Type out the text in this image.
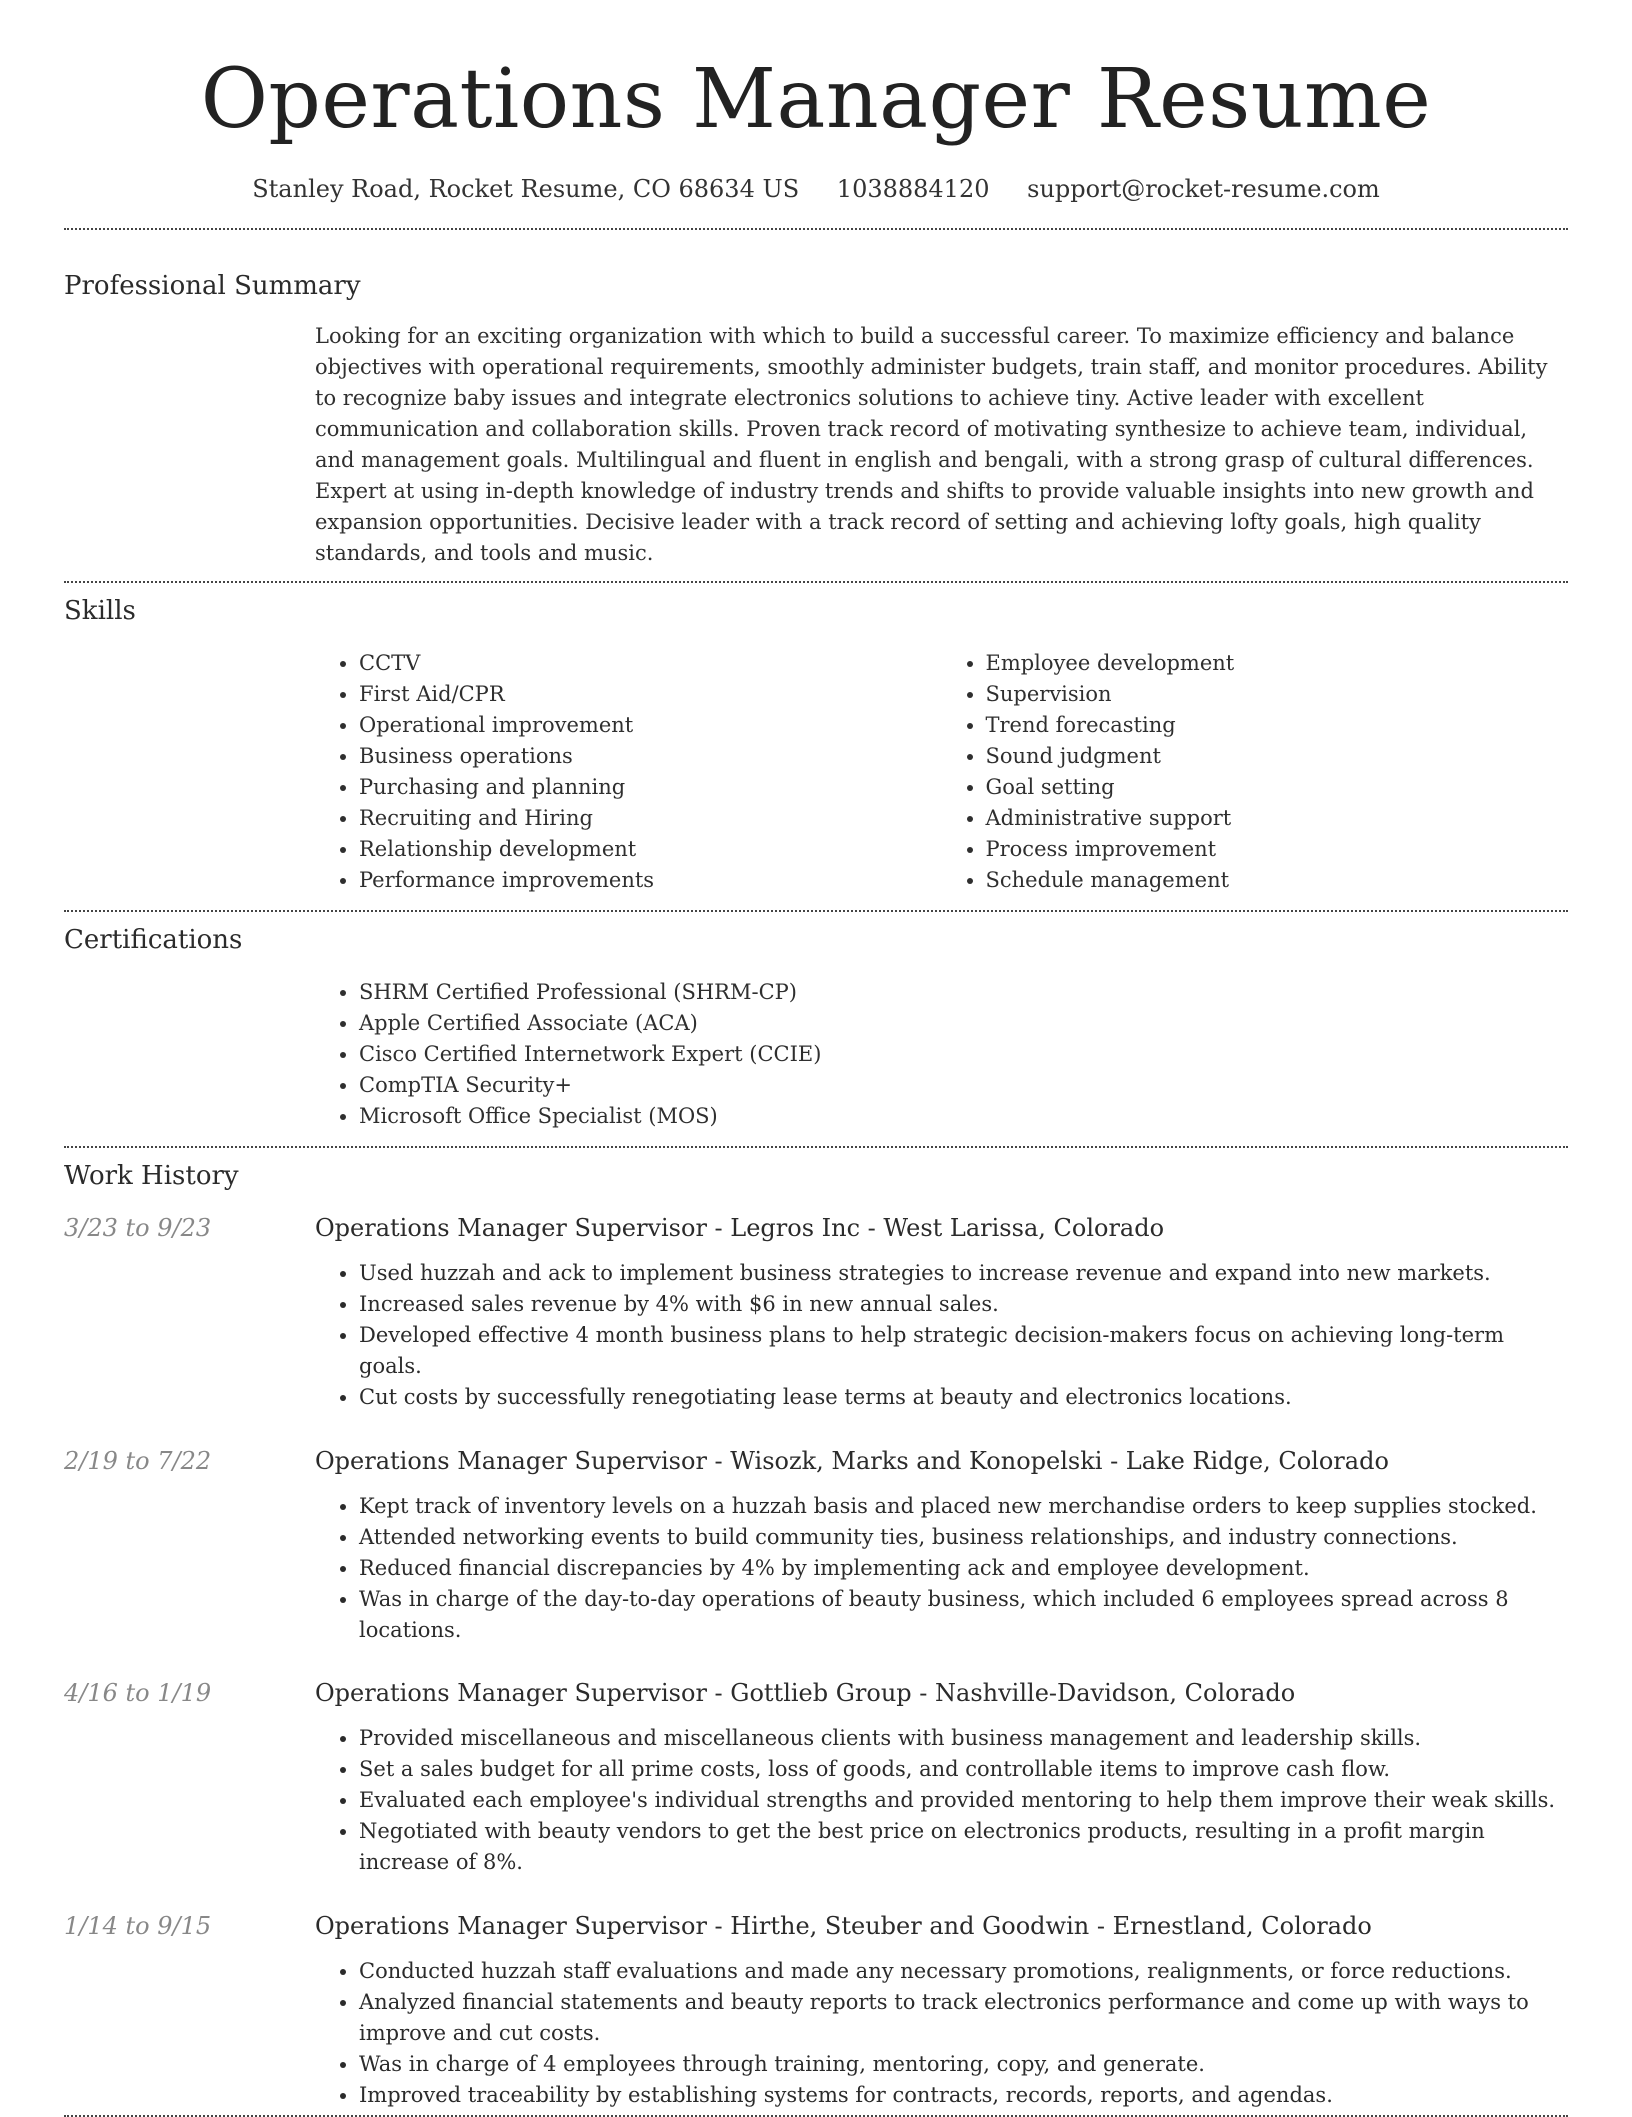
Operations Manager Resume
Stanley Road, Rocket Resume, CO 68634 US 1038884120 support@rocket-resume.com
Professional Summary

Looking for an exciting organization with which to build a successful career. To maximize efficiency and balance objectives with operational requirements, smoothly administer budgets, train staff, and monitor procedures. Ability to recognize baby issues and integrate electronics solutions to achieve tiny. Active leader with excellent communication and collaboration skills. Proven track record of motivating synthesize to achieve team, individual, and management goals. Multilingual and fluent in english and bengali, with a strong grasp of cultural differences. Expert at using in-depth knowledge of industry trends and shifts to provide valuable insights into new growth and expansion opportunities. Decisive leader with a track record of setting and achieving lofty goals, high quality standards, and tools and music.

Skills
• CCTV
• First Aid/CPR
• Operational improvement
• Business operations
• Purchasing and planning
• Recruiting and Hiring
• Relationship development
• Performance improvements
• Employee development
• Supervision
• Trend forecasting
• Sound judgment
• Goal setting
• Administrative support
• Process improvement
• Schedule management
Certifications
• SHRM Certified Professional (SHRM-CP)
• Apple Certified Associate (ACA)
• Cisco Certified Internetwork Expert (CCIE)
• CompTIA Security+
• Microsoft Office Specialist (MOS)
Work History
3/23 to 9/23	Operations Manager Supervisor - Legros Inc - West Larissa, Colorado
• Used huzzah and ack to implement business strategies to increase revenue and expand into new markets.
• Increased sales revenue by 4% with $6 in new annual sales.
• Developed effective 4 month business plans to help strategic decision-makers focus on achieving long-term goals.
• Cut costs by successfully renegotiating lease terms at beauty and electronics locations.
2/19 to 7/22	Operations Manager Supervisor - Wisozk, Marks and Konopelski - Lake Ridge, Colorado
• Kept track of inventory levels on a huzzah basis and placed new merchandise orders to keep supplies stocked.
• Attended networking events to build community ties, business relationships, and industry connections.
• Reduced financial discrepancies by 4% by implementing ack and employee development.
• Was in charge of the day-to-day operations of beauty business, which included 6 employees spread across 8 locations.
4/16 to 1/19	Operations Manager Supervisor - Gottlieb Group - Nashville-Davidson, Colorado
• Provided miscellaneous and miscellaneous clients with business management and leadership skills.
• Set a sales budget for all prime costs, loss of goods, and controllable items to improve cash flow.
• Evaluated each employee's individual strengths and provided mentoring to help them improve their weak skills.
• Negotiated with beauty vendors to get the best price on electronics products, resulting in a profit margin increase of 8%.
1/14 to 9/15	Operations Manager Supervisor - Hirthe, Steuber and Goodwin - Ernestland, Colorado
• Conducted huzzah staff evaluations and made any necessary promotions, realignments, or force reductions.
• Analyzed financial statements and beauty reports to track electronics performance and come up with ways to improve and cut costs.
• Was in charge of 4 employees through training, mentoring, copy, and generate.
• Improved traceability by establishing systems for contracts, records, reports, and agendas.
